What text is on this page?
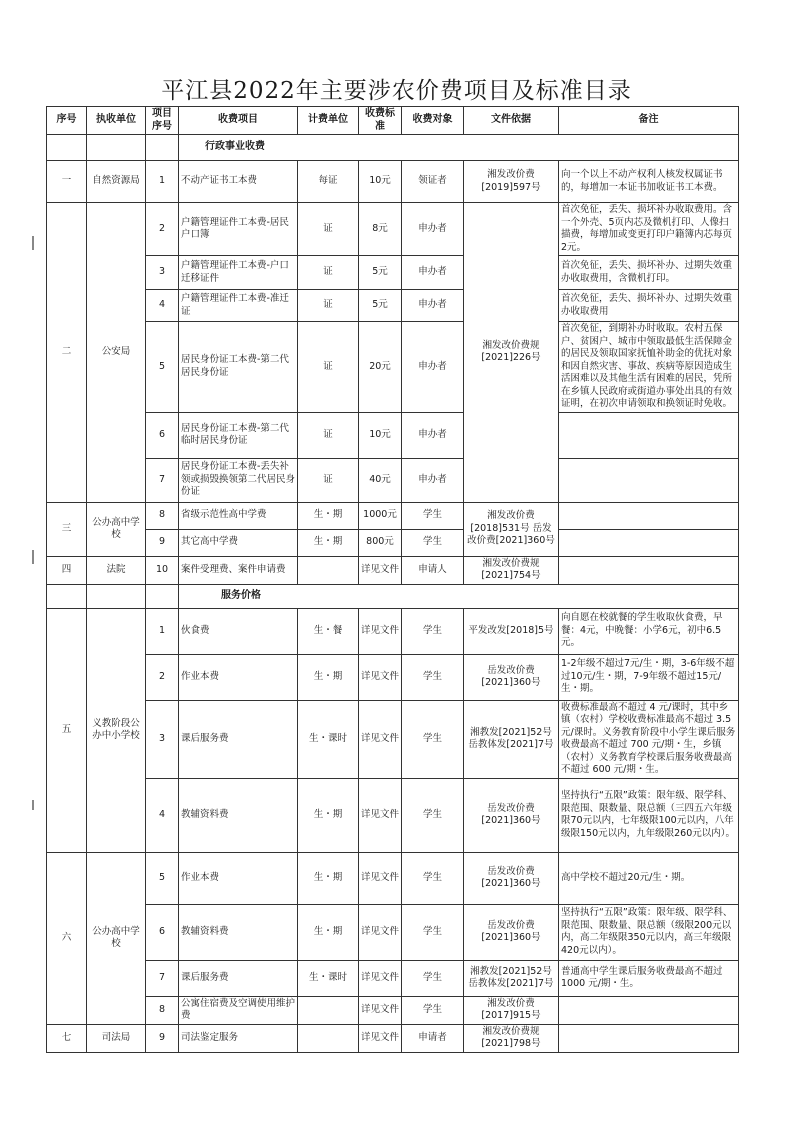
平江县2022年主要涉农价费项目及标准目录
序号	执收单位	项目序号	收费项目	计费单位	收费标准	收费对象	文件依据	备注
			行政事业收费					
一	自然资源局	1	不动产证书工本费	每证	10元	领证者	湘发改价费[2019]597号	向一个以上不动产权利人核发权属证书的，每增加一本证书加收证书工本费。
二	公安局	2	户籍管理证件工本费-居民户口簿	证	8元	申办者	湘发改价费规[2021]226号	首次免征，丢失、损坏补办收取费用。含一个外壳、5页内芯及微机打印、人像扫描费，每增加或变更打印户籍簿内芯每页2元。
		3	户籍管理证件工本费-户口迁移证件	证	5元	申办者		首次免征，丢失、损坏补办、过期失效重办收取费用，含微机打印。
		4	户籍管理证件工本费-准迁证	证	5元	申办者		首次免征，丢失、损坏补办、过期失效重办收取费用
		5	居民身份证工本费-第二代居民身份证	证	20元	申办者		首次免征，到期补办时收取。农村五保户、贫困户、城市中领取最低生活保障金的居民及领取国家抚恤补助金的优抚对象和因自然灾害、事故、疾病等原因造成生活困难以及其他生活有困难的居民，凭所在乡镇人民政府或街道办事处出具的有效证明，在初次申请领取和换领证时免收。
		6	居民身份证工本费-第二代临时居民身份证	证	10元	申办者		
		7	居民身份证工本费-丢失补领或损毁换领第二代居民身份证	证	40元	申办者		
三	公办高中学校	8	省级示范性高中学费	生・期	1000元	学生	湘发改价费[2018]531号 岳发改价费[2021]360号	
		9	其它高中学费	生・期	800元	学生		
四	法院	10	案件受理费、案件申请费		详见文件	申请人	湘发改价费规[2021]754号	
			服务价格					
五	义教阶段公办中小学校	1	伙食费	生・餐	详见文件	学生	平发改发[2018]5号	向自愿在校就餐的学生收取伙食费，早餐：4元，中晚餐：小学6元，初中6.5元。
		2	作业本费	生・期	详见文件	学生	岳发改价费[2021]360号	1-2年级不超过7元/生・期，3-6年级不超过10元/生・期，7-9年级不超过15元/生・期。
		3	课后服务费	生・课时	详见文件	学生	湘教发[2021]52号 岳教体发[2021]7号	收费标准最高不超过 4 元/课时，其中乡镇（农村）学校收费标准最高不超过 3.5 元/课时。义务教育阶段中小学生课后服务收费最高不超过 700 元/期・生，乡镇（农村）义务教育学校课后服务收费最高不超过 600 元/期・生。
		4	教辅资料费	生・期	详见文件	学生	岳发改价费[2021]360号	坚持执行“五限”政策：限年级、限学科、限范围、限数量、限总额（三四五六年级限70元以内，七年级限100元以内，八年级限150元以内，九年级限260元以内）。
六	公办高中学校	5	作业本费	生・期	详见文件	学生	岳发改价费[2021]360号	高中学校不超过20元/生・期。
		6	教辅资料费	生・期	详见文件	学生	岳发改价费[2021]360号	坚持执行“五限”政策：限年级、限学科、限范围、限数量、限总额（级限200元以内，高二年级限350元以内，高三年级限420元以内）。
		7	课后服务费	生・课时	详见文件	学生	湘教发[2021]52号 岳教体发[2021]7号	普通高中学生课后服务收费最高不超过 1000 元/期・生。
		8	公寓住宿费及空调使用维护费		详见文件	学生	湘发改价费[2017]915号	
七	司法局	9	司法鉴定服务		详见文件	申请者	湘发改价费规[2021]798号	
